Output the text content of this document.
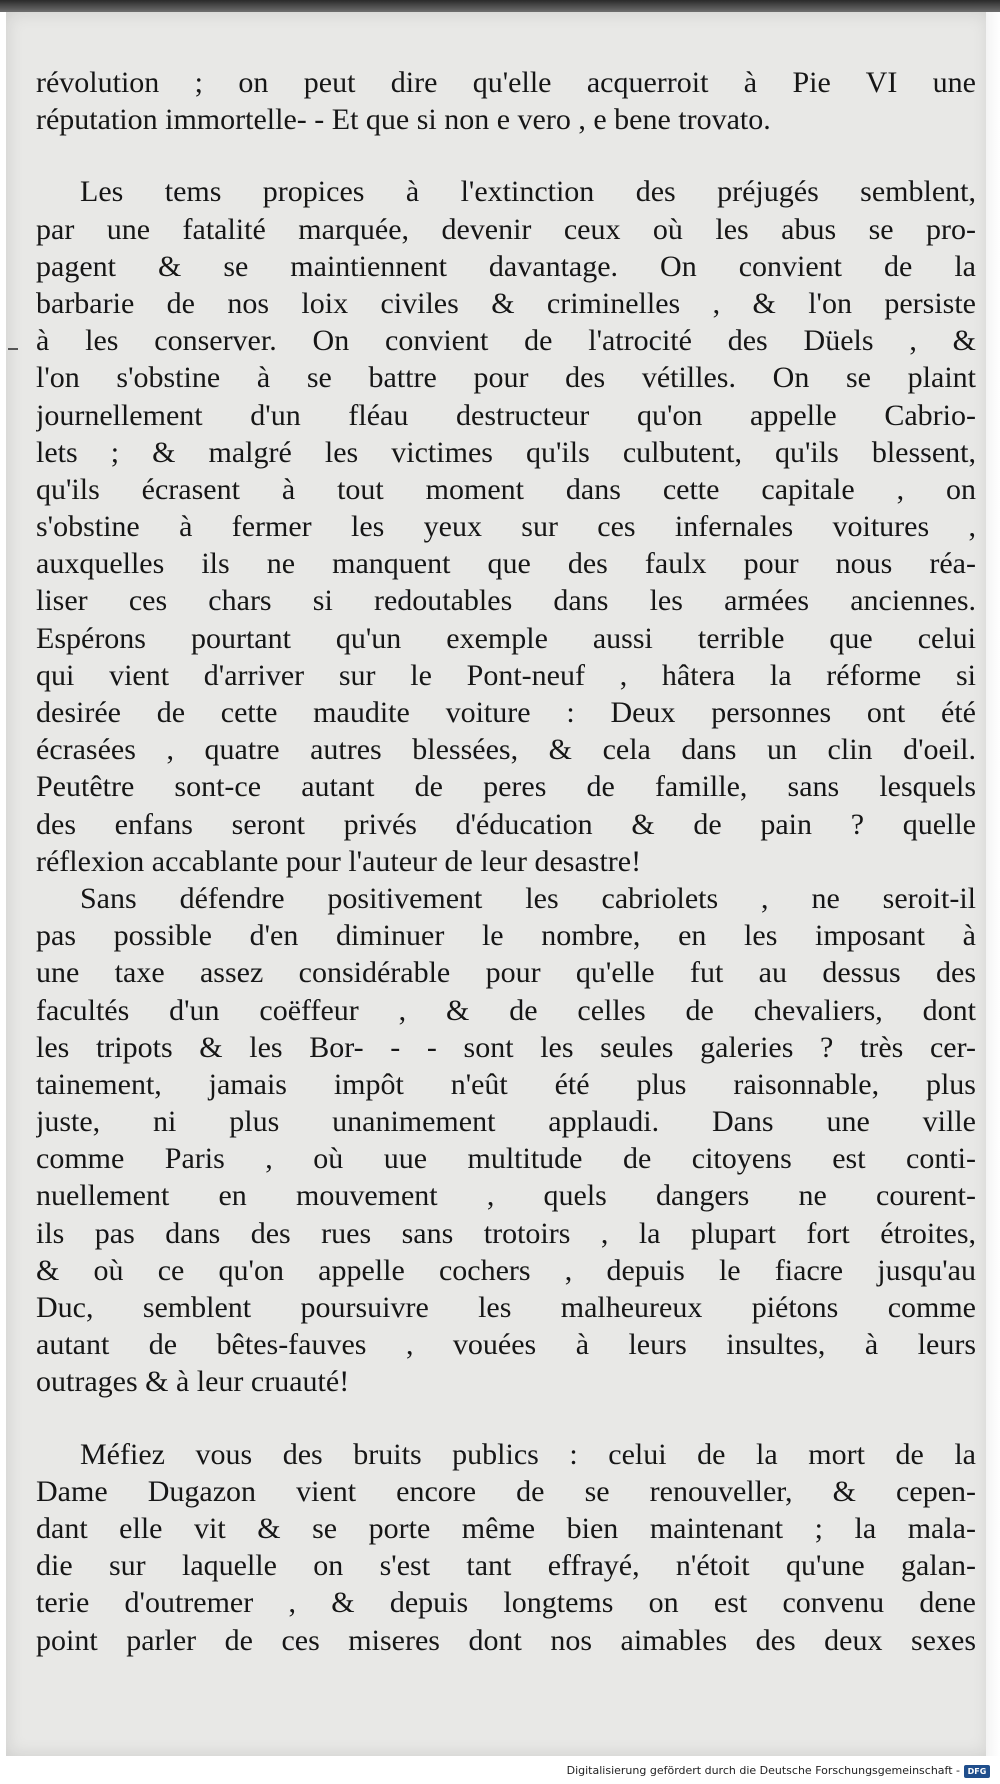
révolution ; on peut dire qu'elle acquerroit à Pie VI une
réputation immortelle- - Et que si non e vero , e bene trovato.
Les tems propices à l'extinction des préjugés semblent,
par une fatalité marquée, devenir ceux où les abus se pro-
pagent & se maintiennent davantage. On convient de la
barbarie de nos loix civiles & criminelles , & l'on persiste
à les conserver. On convient de l'atrocité des Düels , &
l'on s'obstine à se battre pour des vétilles. On se plaint
journellement d'un fléau destructeur qu'on appelle Cabrio-
lets ; & malgré les victimes qu'ils culbutent, qu'ils blessent,
qu'ils écrasent à tout moment dans cette capitale , on
s'obstine à fermer les yeux sur ces infernales voitures ,
auxquelles ils ne manquent que des faulx pour nous réa-
liser ces chars si redoutables dans les armées anciennes.
Espérons pourtant qu'un exemple aussi terrible que celui
qui vient d'arriver sur le Pont-neuf , hâtera la réforme si
desirée de cette maudite voiture : Deux personnes ont été
écrasées , quatre autres blessées, & cela dans un clin d'oeil.
Peutêtre sont-ce autant de peres de famille, sans lesquels
des enfans seront privés d'éducation & de pain ? quelle
réflexion accablante pour l'auteur de leur desastre!
Sans défendre positivement les cabriolets , ne seroit-il
pas possible d'en diminuer le nombre, en les imposant à
une taxe assez considérable pour qu'elle fut au dessus des
facultés d'un coëffeur , & de celles de chevaliers, dont
les tripots & les Bor- - - sont les seules galeries ? très cer-
tainement, jamais impôt n'eût été plus raisonnable, plus
juste, ni plus unanimement applaudi. Dans une ville
comme Paris , où uue multitude de citoyens est conti-
nuellement en mouvement , quels dangers ne courent-
ils pas dans des rues sans trotoirs , la plupart fort étroites,
& où ce qu'on appelle cochers , depuis le fiacre jusqu'au
Duc, semblent poursuivre les malheureux piétons comme
autant de bêtes-fauves , vouées à leurs insultes, à leurs
outrages & à leur cruauté!
Méfiez vous des bruits publics : celui de la mort de la
Dame Dugazon vient encore de se renouveller, & cepen-
dant elle vit & se porte même bien maintenant ; la mala-
die sur laquelle on s'est tant effrayé, n'étoit qu'une galan-
terie d'outremer , & depuis longtems on est convenu dene
point parler de ces miseres dont nos aimables des deux sexes
Digitalisierung gefördert durch die Deutsche Forschungsgemeinschaft - DFG
